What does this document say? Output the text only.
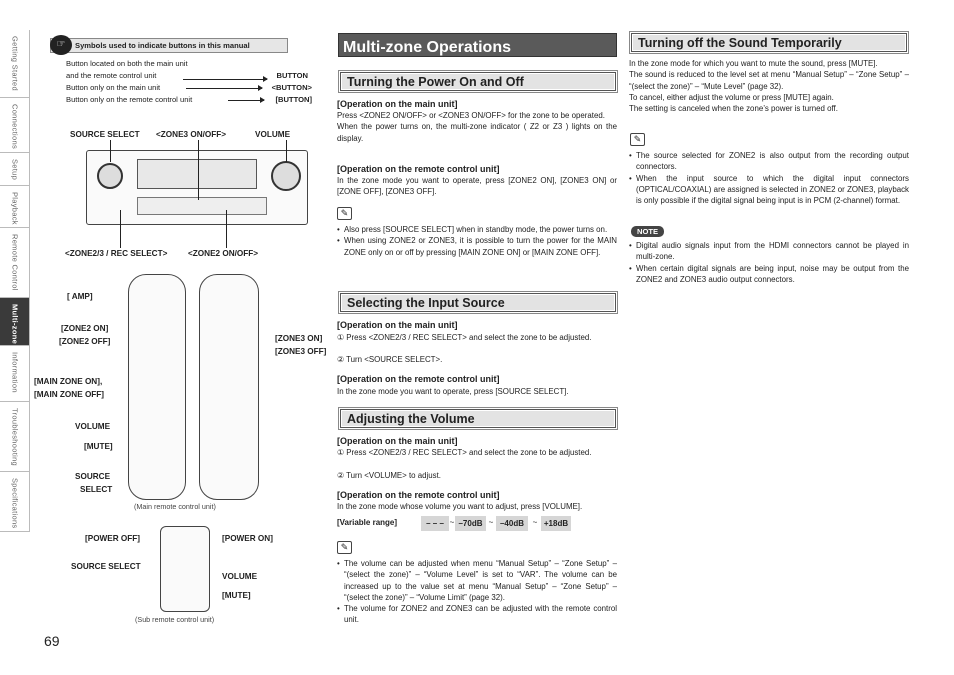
Getting Started
Connections
Setup
Playback
Remote Control
Multi-zone
Information
Troubleshooting
Specifications
☞	Symbols used to indicate buttons in this manual
Button located on both the main unit
and the remote control unit	BUTTON
Button only on the main unit	<BUTTON>
Button only on the remote control unit	[BUTTON]
SOURCE SELECT <ZONE3 ON/OFF>	VOLUME
<ZONE2/3 / REC SELECT>	<ZONE2 ON/OFF>
[ AMP]
[ZONE2 ON]
[ZONE2 OFF]
[MAIN ZONE ON],
[MAIN ZONE OFF]
VOLUME
[MUTE]
SOURCE
SELECT
[ZONE3 ON]
[ZONE3 OFF]
(Main remote control unit)
[POWER OFF]	[POWER ON]
SOURCE SELECT
VOLUME
[MUTE]
(Sub remote control unit)
69
Multi-zone Operations
Turning the Power On and Off
[Operation on the main unit]
Press <ZONE2 ON/OFF> or <ZONE3 ON/OFF> for the zone to be operated.
When the power turns on, the multi-zone indicator ( Z2 or Z3 ) lights on the display.
[Operation on the remote control unit]
In the zone mode you want to operate, press [ZONE2 ON], [ZONE3 ON] or [ZONE OFF], [ZONE3 OFF].
✎
• Also press [SOURCE SELECT] when in standby mode, the power turns on.
• When using ZONE2 or ZONE3, it is possible to turn the power for the MAIN ZONE only on or off by pressing [MAIN ZONE ON] or [MAIN ZONE OFF].
Selecting the Input Source
[Operation on the main unit]
① Press <ZONE2/3 / REC SELECT> and select the zone to be adjusted.
② Turn <SOURCE SELECT>.
[Operation on the remote control unit]
In the zone mode you want to operate, press [SOURCE SELECT].
Adjusting the Volume
[Operation on the main unit]
① Press <ZONE2/3 / REC SELECT> and select the zone to be adjusted.
② Turn <VOLUME> to adjust.
[Operation on the remote control unit]
In the zone mode whose volume you want to adjust, press [VOLUME].
[Variable range]	– – – ~ –70dB ~ –40dB	~ +18dB
✎
• The volume can be adjusted when menu “Manual Setup” – “Zone Setup” – “(select the zone)” – “Volume Level” is set to “VAR”. The volume can be increased up to the value set at menu “Manual Setup” – “Zone Setup” – “(select the zone)” – “Volume Limit” (page 32).
• The volume for ZONE2 and ZONE3 can be adjusted with the remote control unit.
Turning off the Sound Temporarily
In the zone mode for which you want to mute the sound, press [MUTE].
The sound is reduced to the level set at menu “Manual Setup” – “Zone Setup” – “(select the zone)” – “Mute Level” (page 32).
To cancel, either adjust the volume or press [MUTE] again.
The setting is canceled when the zone’s power is turned off.
✎
• The source selected for ZONE2 is also output from the recording output connectors.
• When the input source to which the digital input connectors (OPTICAL/COAXIAL) are assigned is selected in ZONE2 or ZONE3, playback is only possible if the digital signal being input is in PCM (2-channel) format.
NOTE
• Digital audio signals input from the HDMI connectors cannot be played in multi-zone.
• When certain digital signals are being input, noise may be output from the ZONE2 and ZONE3 audio output connectors.
